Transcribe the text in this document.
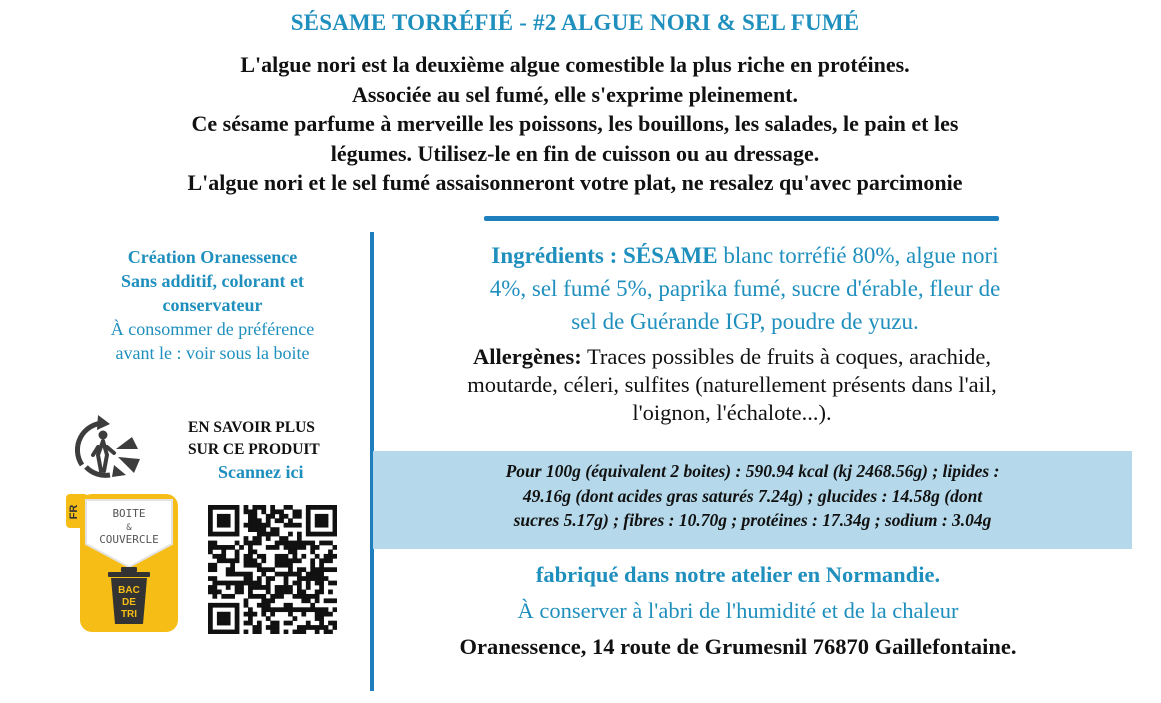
SÉSAME TORRÉFIÉ - #2 ALGUE NORI & SEL FUMÉ
L'algue nori est la deuxième algue comestible la plus riche en protéines.
Associée au sel fumé, elle s'exprime pleinement.
Ce sésame parfume à merveille les poissons, les bouillons, les salades, le pain et les
légumes. Utilisez-le en fin de cuisson ou au dressage.
L'algue nori et le sel fumé assaisonneront votre plat, ne resalez qu'avec parcimonie
Création Oranessence
Sans additif, colorant et
conservateur
À consommer de préférence
avant le : voir sous la boite
FR	BOITE
&
COUVERCLE
BAC
DE
TRI
EN SAVOIR PLUS
SUR CE PRODUIT
Scannez ici
Ingrédients : SÉSAME blanc torréfié 80%, algue nori
4%, sel fumé 5%, paprika fumé, sucre d'érable, fleur de
sel de Guérande IGP, poudre de yuzu.
Allergènes: Traces possibles de fruits à coques, arachide,
moutarde, céleri, sulfites (naturellement présents dans l'ail,
l'oignon, l'échalote...).
Pour 100g (équivalent 2 boites) : 590.94 kcal (kj 2468.56g) ; lipides :
49.16g (dont acides gras saturés 7.24g) ; glucides : 14.58g (dont
sucres 5.17g) ; fibres : 10.70g ; protéines : 17.34g ; sodium : 3.04g
fabriqué dans notre atelier en Normandie.
À conserver à l'abri de l'humidité et de la chaleur
Oranessence, 14 route de Grumesnil 76870 Gaillefontaine.
